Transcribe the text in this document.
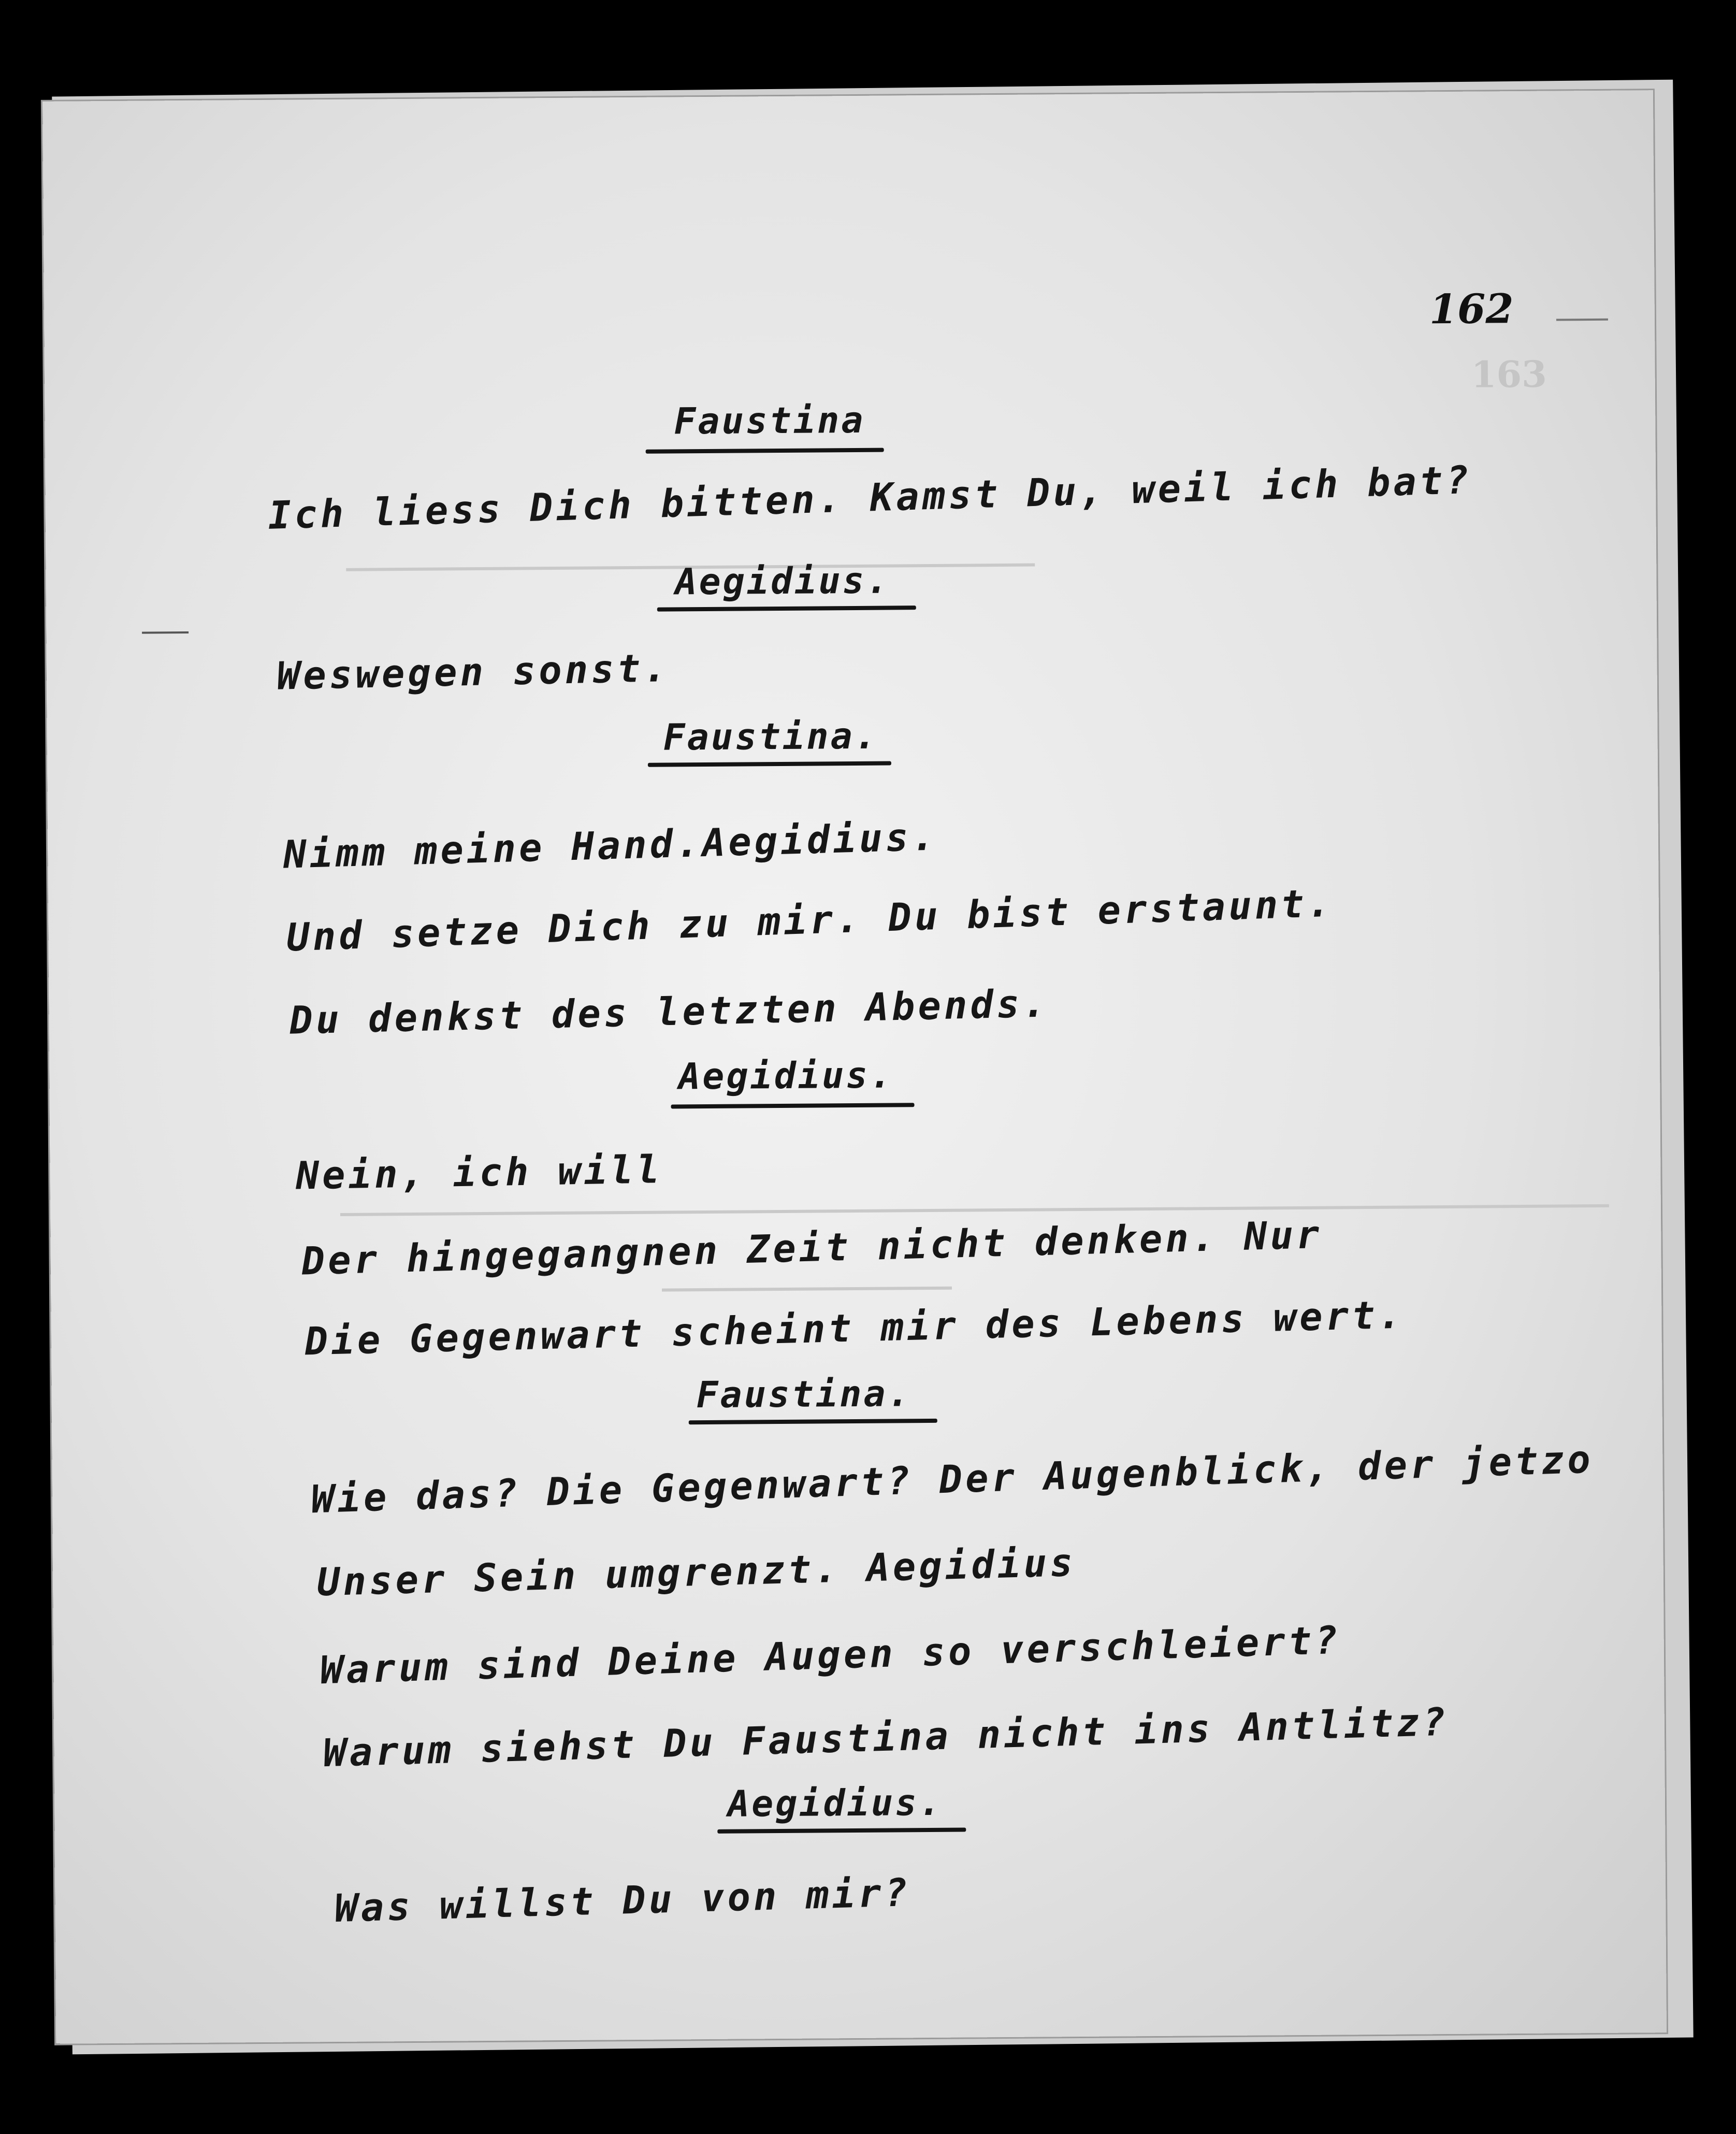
162
163
Faustina
Ich liess Dich bitten. Kamst Du, weil ich bat?
Aegidius.
Weswegen sonst.
Faustina.
Nimm meine Hand.Aegidius.
Und setze Dich zu mir. Du bist erstaunt.
Du denkst des letzten Abends.
Aegidius.
Nein, ich will
Der hingegangnen Zeit nicht denken. Nur
Die Gegenwart scheint mir des Lebens wert.
Faustina.
Wie das? Die Gegenwart? Der Augenblick, der jetzo
Unser Sein umgrenzt. Aegidius
Warum sind Deine Augen so verschleiert?
Warum siehst Du Faustina nicht ins Antlitz?
Aegidius.
Was willst Du von mir?
